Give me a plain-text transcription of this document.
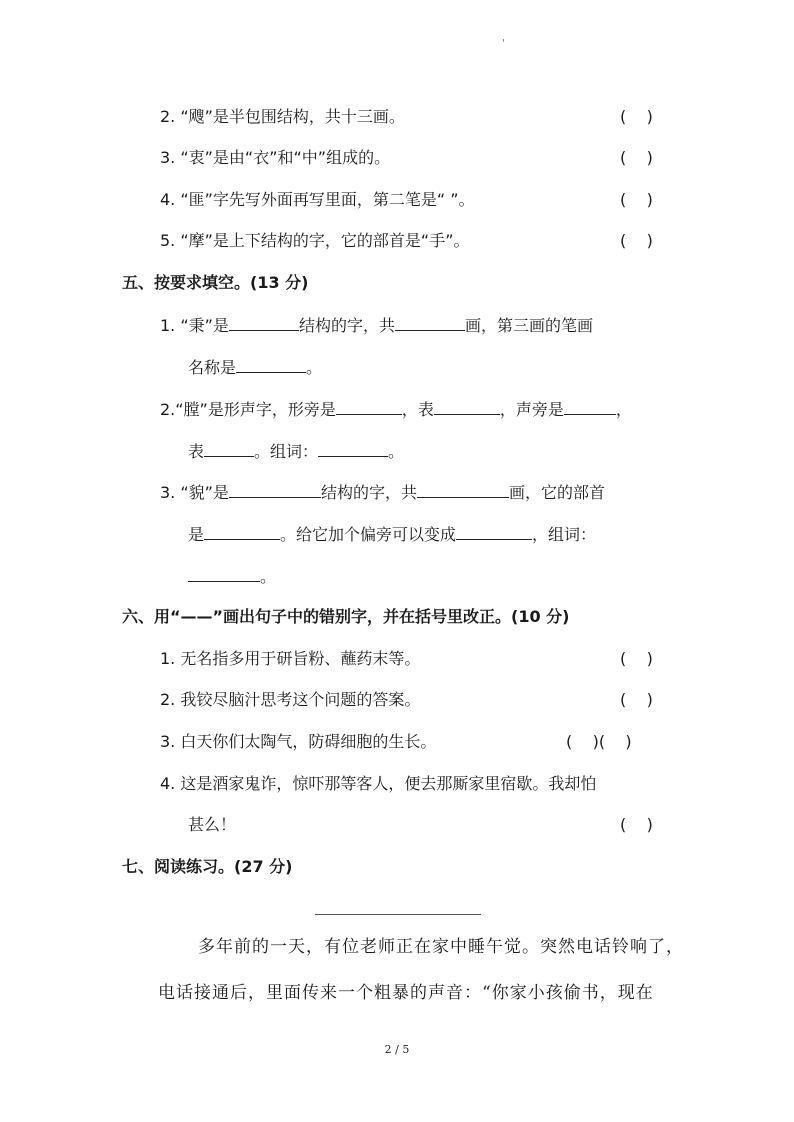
'
2. “飕”是半包围结构，共十三画。	(    )
3. “衷”是由“衣”和“中”组成的。	(    )
4. “匪”字先写外面再写里面，第二笔是“ ”。	(    )
5. “摩”是上下结构的字，它的部首是“手”。	(    )
五、按要求填空。(13 分)
1. “秉”是	结构的字，共	画，第三画的笔画
名称是	。
2.“膛”是形声字，形旁是	，表	，声旁是	，
表	。组词：	。
3. “貌”是	结构的字，共	画，它的部首
是	。给它加个偏旁可以变成	，组词：
。
六、用“——”画出句子中的错别字，并在括号里改正。(10 分)
1. 无名指多用于研旨粉、蘸药末等。	(    )
2. 我铰尽脑汁思考这个问题的答案。	(    )
3. 白天你们太陶气，防碍细胞的生长。	(    )(    )
4. 这是酒家鬼诈，惊吓那等客人，便去那厮家里宿歇。我却怕
甚么！	(    )
七、阅读练习。(27 分)
多年前的一天，有位老师正在家中睡午觉。突然电话铃响了，
电话接通后，里面传来一个粗暴的声音：“你家小孩偷书，现在
2 / 5
